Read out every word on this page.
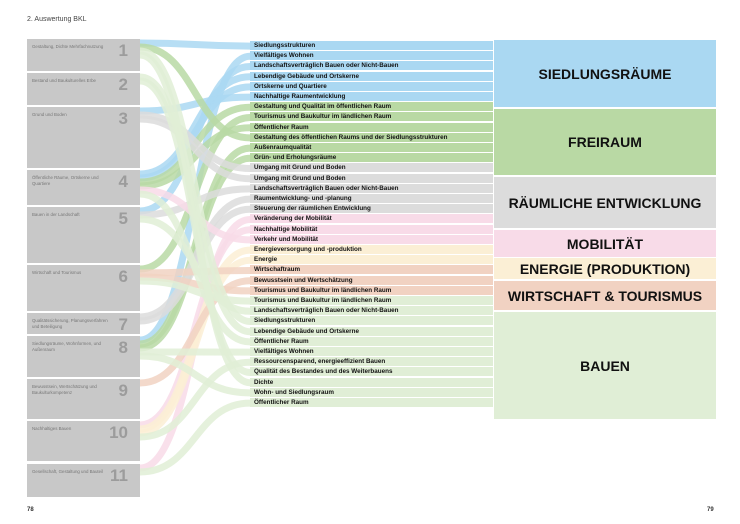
2. Auswertung BKL
Gestaltung, Dichte Mehrfachnutzung 1
Bestand und Baukulturelles Erbe	2
Grund und Boden	3
Öffentliche Räume, Ortskerne und Quartiere	4
Bauen in der Landschaft	5
Wirtschaft und Tourismus	6
Qualitätssicherung, Planungsverfahren und Beteiligung	7
Siedlungsräume, Wohnformen, und Außenraum	8
Bewusstsein, Wertschätzung und Baukulturkompetenz	9
Nachhaltiges Bauen	10
Gesellschaft, Gestaltung und Bauteil 11
Siedlungsstrukturen
Vielfältiges Wohnen
Landschaftsverträglich Bauen oder Nicht-Bauen
Lebendige Gebäude und Ortskerne
Ortskerne und Quartiere
Nachhaltige Raumentwicklung
Gestaltung und Qualität im öffentlichen Raum
Tourismus und Baukultur im ländlichen Raum
Öffentlicher Raum
Gestaltung des öffentlichen Raums und der Siedlungsstrukturen
Außenraumqualität
Grün- und Erholungsräume
Umgang mit Grund und Boden
Umgang mit Grund und Boden
Landschaftsverträglich Bauen oder Nicht-Bauen
Raumentwicklung- und -planung
Steuerung der räumlichen Entwicklung
Veränderung der Mobilität
Nachhaltige Mobilität
Verkehr und Mobilität
Energieversorgung und -produktion
Energie
Wirtschaftraum
Bewusstsein und Wertschätzung
Tourismus und Baukultur im ländlichen Raum
Tourismus und Baukultur im ländlichen Raum
Landschaftsverträglich Bauen oder Nicht-Bauen
Siedlungsstrukturen
Lebendige Gebäude und Ortskerne
Öffentlicher Raum
Vielfältiges Wohnen
Ressourcensparend, energieeffizient Bauen
Qualität des Bestandes und des Weiterbauens
Dichte
Wohn- und Siedlungsraum
Öffentlicher Raum
SIEDLUNGSRÄUME
FREIRAUM
RÄUMLICHE ENTWICKLUNG
MOBILITÄT
ENERGIE (PRODUKTION)
WIRTSCHAFT & TOURISMUS
BAUEN
78	79
